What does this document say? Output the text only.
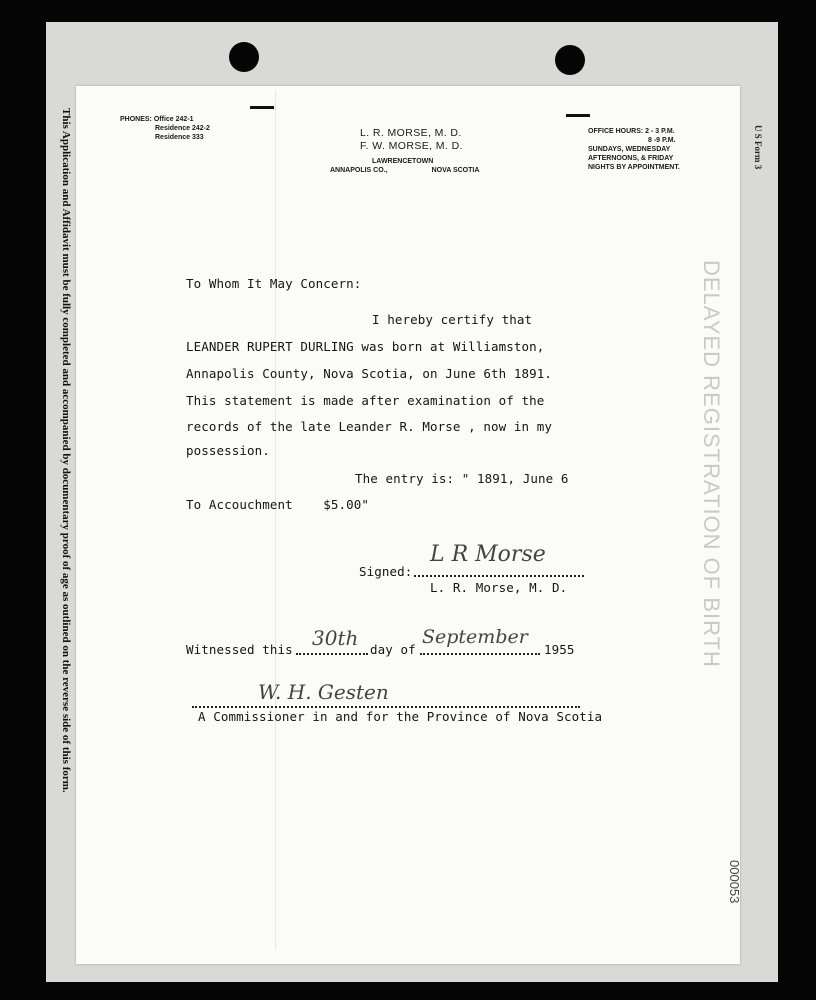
This Application and Affidavit must be fully completed and accompanied by documentary proof of age as outlined on the reverse side of this form.	U S Form 3
DELAYED REGISTRATION OF BIRTH
000053
PHONES: Office 242-1
Residence 242-2
Residence 333	L. R. MORSE, M. D.
F. W. MORSE, M. D.
LAWRENCETOWN
ANNAPOLIS CO.,	NOVA SCOTIA
OFFICE HOURS: 2 - 3 P.M.
8 -9 P.M.
SUNDAYS, WEDNESDAY
AFTERNOONS, & FRIDAY
NIGHTS BY APPOINTMENT.
To Whom It May Concern:
I hereby certify that
LEANDER RUPERT DURLING was born at Williamston,
Annapolis County, Nova Scotia, on June 6th 1891.
This statement is made after examination of the
records of the late Leander R. Morse , now in my
possession.
The entry is: " 1891, June 6
To Accouchment    $5.00"
Signed:
L R Morse
L. R. Morse, M. D.
Witnessed this 30th day of
September
1955
W. H. Gesten
A Commissioner in and for the Province of Nova Scotia
